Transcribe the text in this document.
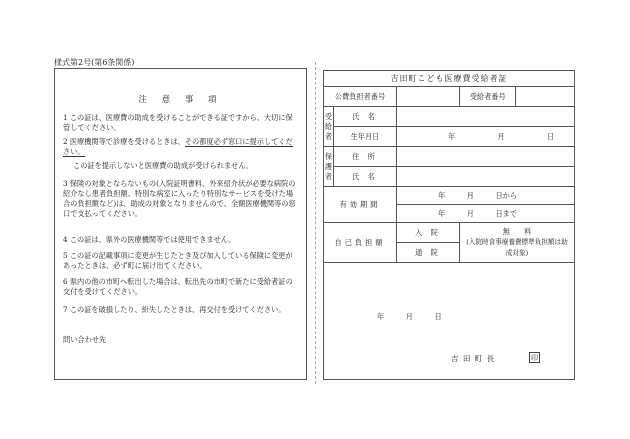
様式第2号(第6条関係)
注 意 事 項
1 この証は、医療費の助成を受けることができる証ですから、大切に保管してください。
2 医療機関等で診療を受けるときは、その都度必ず窓口に提示してください。
この証を提示しないと医療費の助成が受けられません。
3 保険の対象とならないもの(入院証明書料、外来紹介状が必要な病院の紹介なし患者負担額、特別な病室に入ったり特別なサービスを受けた場合の負担額など)は、助成の対象となりませんので、全額医療機関等の窓口で支払ってください。
4 この証は、県外の医療機関等では使用できません。
5 この証の記載事項に変更が生じたとき及び加入している保険に変更があったときは、必ず町に届け出てください。
6 県内の他の市町へ転出した場合は、転出先の市町で新たに受給者証の交付を受けてください。
7 この証を破損したり、紛失したときは、再交付を受けてください。
問い合わせ先
吉田町こども医療費受給者証				
公費負担者番号			受給者番号	
受給者	氏 名			
	生年月日	年 月 日		
保護者	住 所			
	氏 名			
有効期間		年　　　月　　　日から		
		年　　　月　　　日まで		
自己負担額		入 院	無　　料
(入院時食事療養費標準負担額は助成対象)	

		通 院		
年　　　月　　　日
吉 田 町 長	印
